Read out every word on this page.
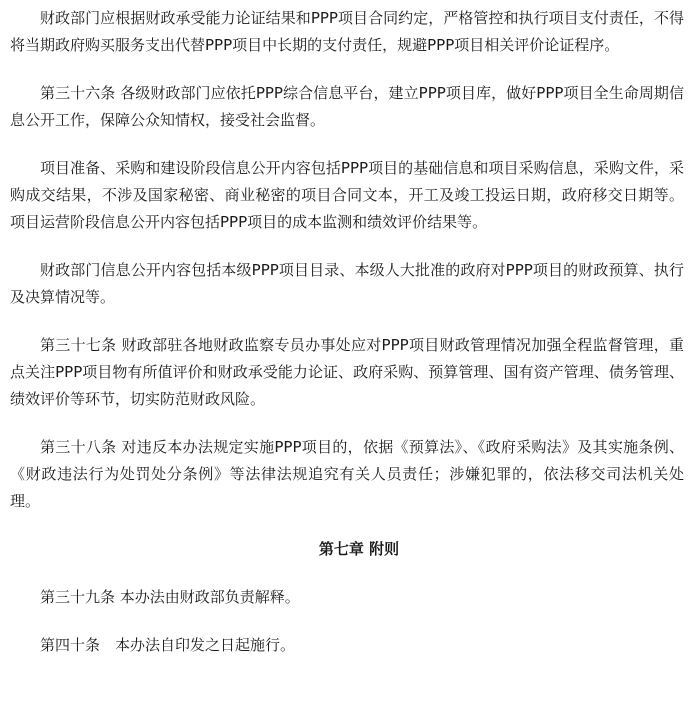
财政部门应根据财政承受能力论证结果和PPP项目合同约定，严格管控和执行项目支付责任，不得将当期政府购买服务支出代替PPP项目中长期的支付责任，规避PPP项目相关评价论证程序。

第三十六条 各级财政部门应依托PPP综合信息平台，建立PPP项目库，做好PPP项目全生命周期信息公开工作，保障公众知情权，接受社会监督。

项目准备、采购和建设阶段信息公开内容包括PPP项目的基础信息和项目采购信息，采购文件，采购成交结果，不涉及国家秘密、商业秘密的项目合同文本，开工及竣工投运日期，政府移交日期等。项目运营阶段信息公开内容包括PPP项目的成本监测和绩效评价结果等。

财政部门信息公开内容包括本级PPP项目目录、本级人大批准的政府对PPP项目的财政预算、执行及决算情况等。

第三十七条 财政部驻各地财政监察专员办事处应对PPP项目财政管理情况加强全程监督管理，重点关注PPP项目物有所值评价和财政承受能力论证、政府采购、预算管理、国有资产管理、债务管理、绩效评价等环节，切实防范财政风险。

第三十八条 对违反本办法规定实施PPP项目的，依据《预算法》、《政府采购法》及其实施条例、《财政违法行为处罚处分条例》等法律法规追究有关人员责任；涉嫌犯罪的，依法移交司法机关处理。

第七章 附则

第三十九条 本办法由财政部负责解释。

第四十条　本办法自印发之日起施行。
